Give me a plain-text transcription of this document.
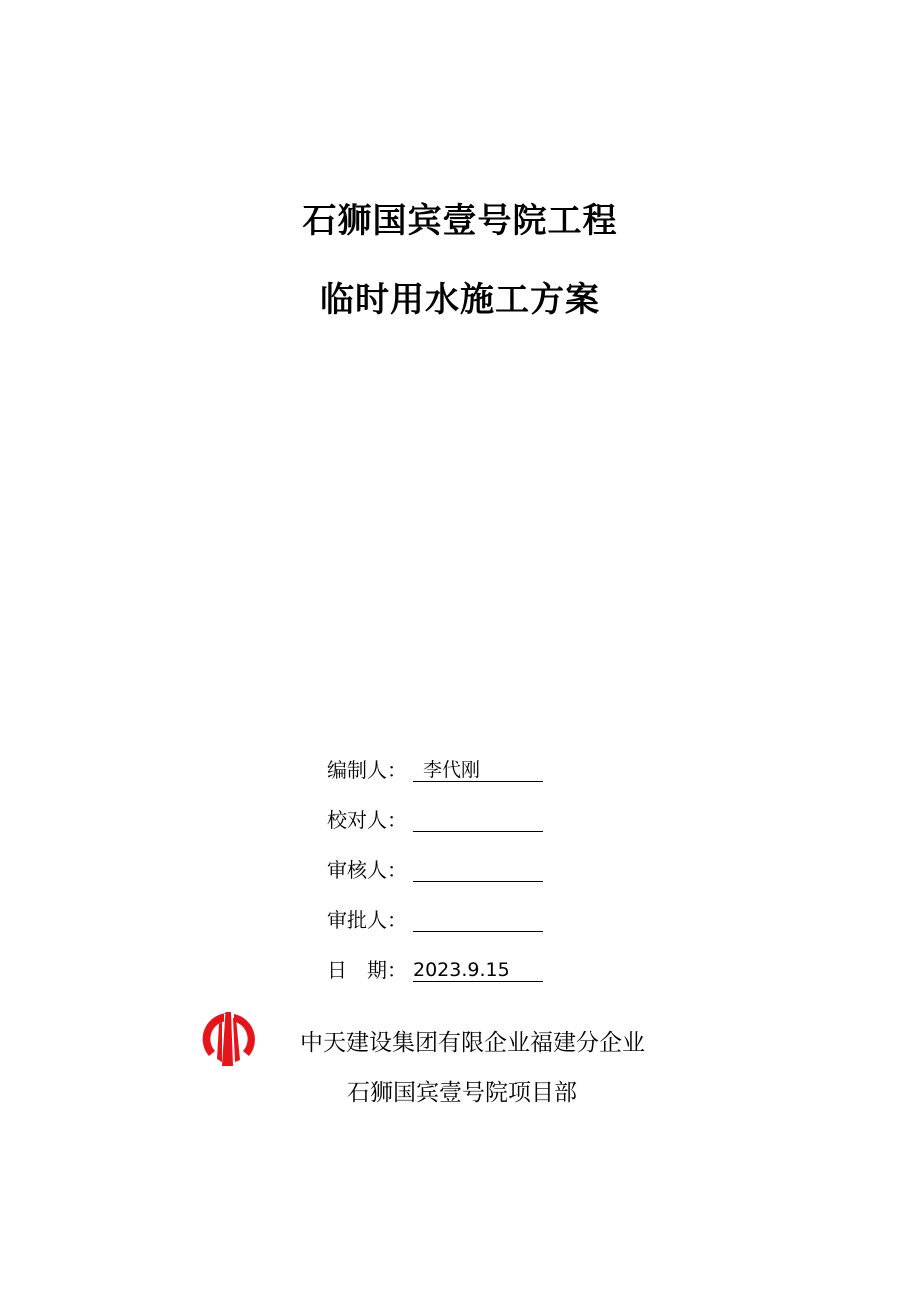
石狮国宾壹号院工程
临时用水施工方案
编制人： 李代刚
校对人：
审核人：
审批人：
日　期： 2023.9.15
中天建设集团有限企业福建分企业
石狮国宾壹号院项目部
